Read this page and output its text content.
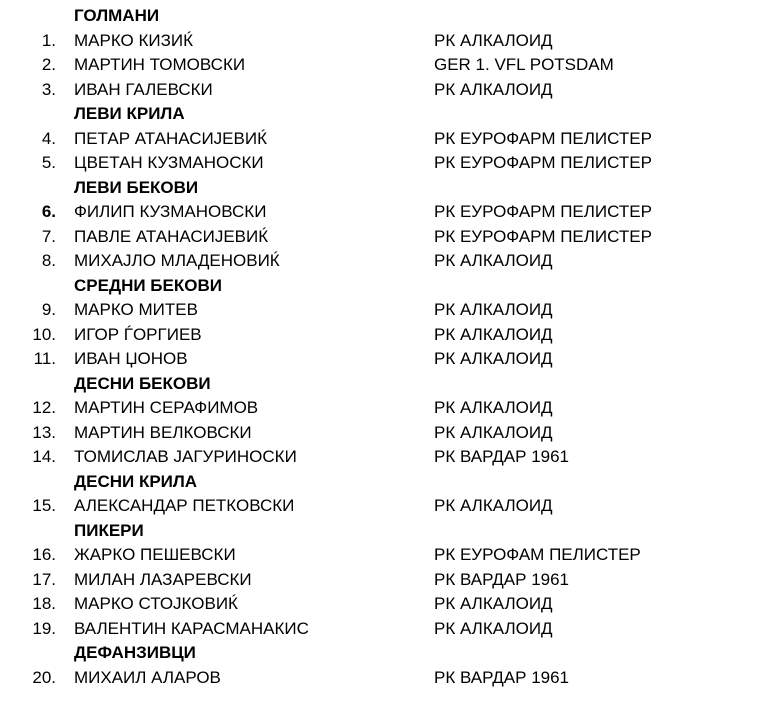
ГОЛМАНИ
1. МАРКО КИЗИЌ	РК АЛКАЛОИД
2. МАРТИН ТОМОВСКИ	GER 1. VFL POTSDAM
3. ИВАН ГАЛЕВСКИ	РК АЛКАЛОИД
ЛЕВИ КРИЛА
4. ПЕТАР АТАНАСИЈЕВИЌ	РК ЕУРОФАРМ ПЕЛИСТЕР
5. ЦВЕТАН КУЗМАНОСКИ	РК ЕУРОФАРМ ПЕЛИСТЕР
ЛЕВИ БЕКОВИ
6. ФИЛИП КУЗМАНОВСКИ	РК ЕУРОФАРМ ПЕЛИСТЕР
7. ПАВЛЕ АТАНАСИЈЕВИЌ	РК ЕУРОФАРМ ПЕЛИСТЕР
8. МИХАЈЛО МЛАДЕНОВИЌ	РК АЛКАЛОИД
СРЕДНИ БЕКОВИ
9. МАРКО МИТЕВ	РК АЛКАЛОИД
10. ИГОР ЃОРГИЕВ	РК АЛКАЛОИД
11. ИВАН ЏОНОВ	РК АЛКАЛОИД
ДЕСНИ БЕКОВИ
12. МАРТИН СЕРАФИМОВ	РК АЛКАЛОИД
13. МАРТИН ВЕЛКОВСКИ	РК АЛКАЛОИД
14. ТОМИСЛАВ ЈАГУРИНОСКИ	РК ВАРДАР 1961
ДЕСНИ КРИЛА
15. АЛЕКСАНДАР ПЕТКОВСКИ	РК АЛКАЛОИД
ПИКЕРИ
16. ЖАРКО ПЕШЕВСКИ	РК ЕУРОФАМ ПЕЛИСТЕР
17. МИЛАН ЛАЗАРЕВСКИ	РК ВАРДАР 1961
18. МАРКО СТОЈКОВИЌ	РК АЛКАЛОИД
19. ВАЛЕНТИН КАРАСМАНАКИС	РК АЛКАЛОИД
ДЕФАНЗИВЦИ
20. МИХАИЛ АЛАРОВ	РК ВАРДАР 1961
